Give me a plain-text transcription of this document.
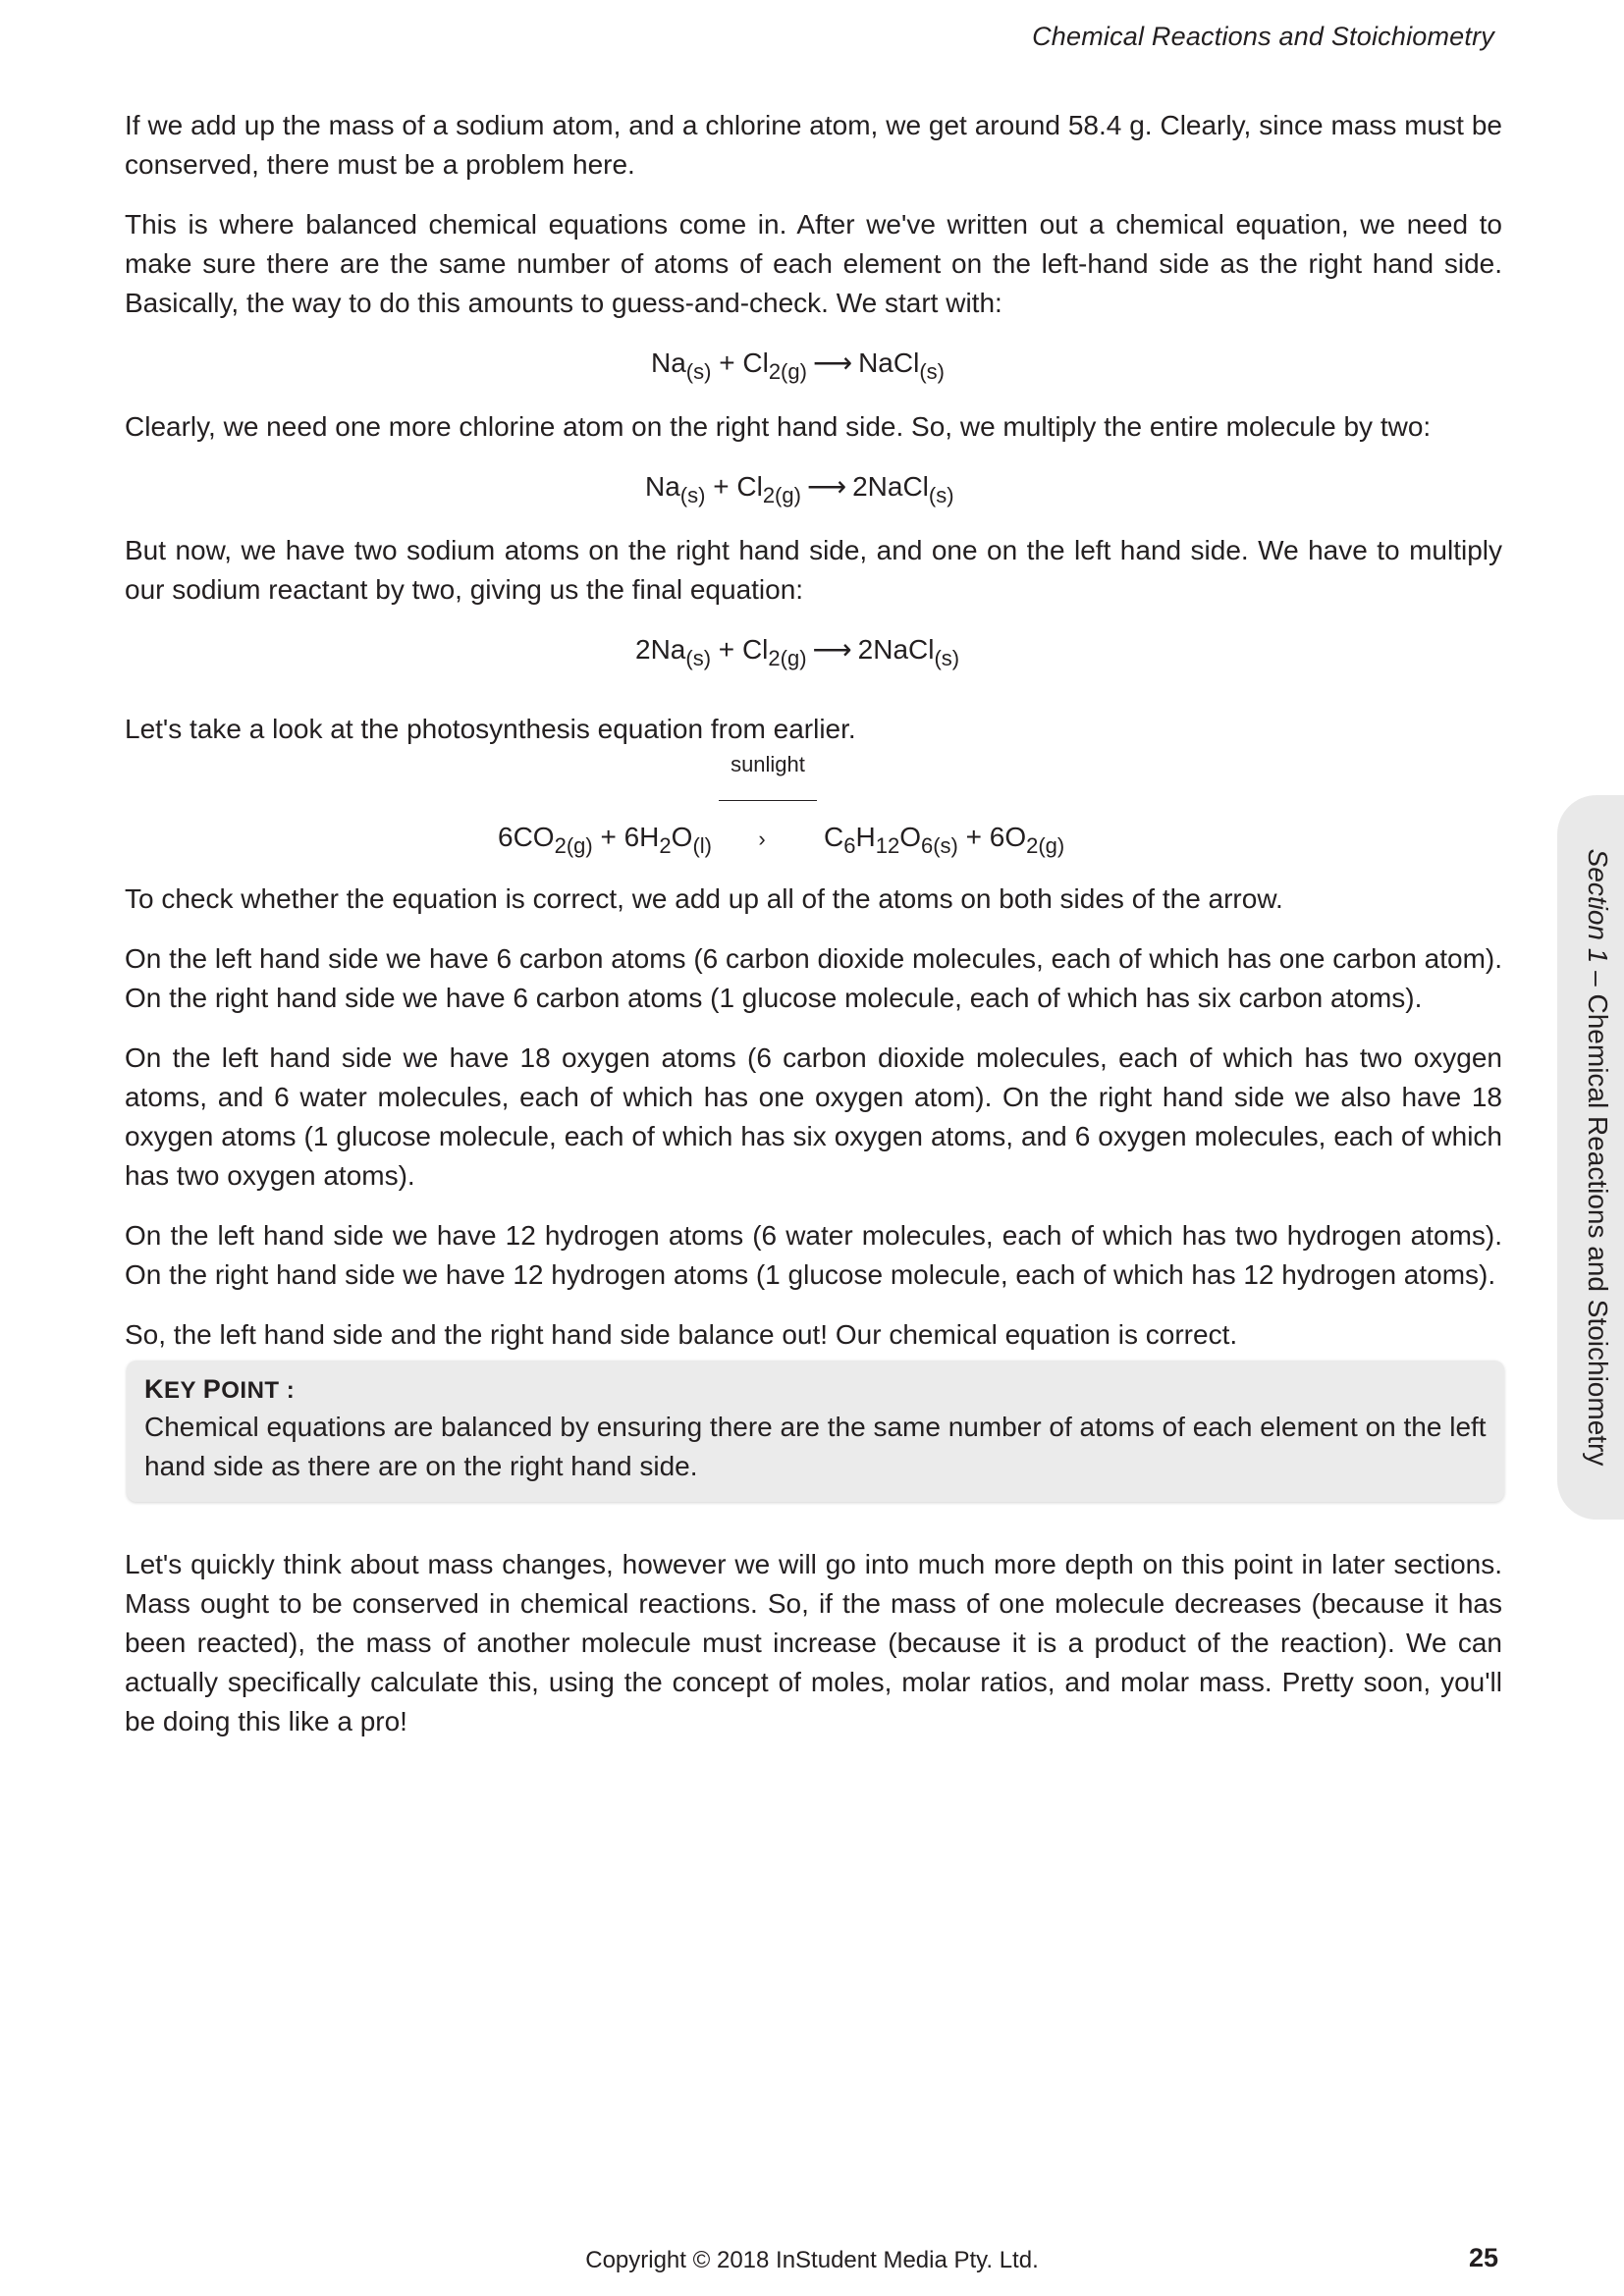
Chemical Reactions and Stoichiometry
Section 1 – Chemical Reactions and Stoichiometry

If we add up the mass of a sodium atom, and a chlorine atom, we get around 58.4 g. Clearly, since mass must be conserved, there must be a problem here.

This is where balanced chemical equations come in. After we've written out a chemical equation, we need to make sure there are the same number of atoms of each element on the left-hand side as the right hand side. Basically, the way to do this amounts to guess-and-check. We start with:

$Na_{(s)} + Cl_{2(g)}$ ⟶ NaCl$_{(s)}$

Clearly, we need one more chlorine atom on the right hand side. So, we multiply the entire molecule by two:

$Na_{(s)} + Cl_{2(g)}$ ⟶ 2NaCl$_{(s)}$

But now, we have two sodium atoms on the right hand side, and one on the left hand side. We have to multiply our sodium reactant by two, giving us the final equation:

$2Na_{(s)} + Cl_{2(g)}$ ⟶ 2NaCl$_{(s)}$

Let's take a look at the photosynthesis equation from earlier.

$6CO_{2(g)} + 6H_2O_{(l)}$
sunlight
› $C_6H_{12}O_{6(s)} + 6O_{2(g)}$

To check whether the equation is correct, we add up all of the atoms on both sides of the arrow.

On the left hand side we have 6 carbon atoms (6 carbon dioxide molecules, each of which has one carbon atom). On the right hand side we have 6 carbon atoms (1 glucose molecule, each of which has six carbon atoms).

On the left hand side we have 18 oxygen atoms (6 carbon dioxide molecules, each of which has two oxygen atoms, and 6 water molecules, each of which has one oxygen atom). On the right hand side we also have 18 oxygen atoms (1 glucose molecule, each of which has six oxygen atoms, and 6 oxygen molecules, each of which has two oxygen atoms).

On the left hand side we have 12 hydrogen atoms (6 water molecules, each of which has two hydrogen atoms). On the right hand side we have 12 hydrogen atoms (1 glucose molecule, each of which has 12 hydrogen atoms).

So, the left hand side and the right hand side balance out! Our chemical equation is correct.

KEY POINT :

Chemical equations are balanced by ensuring there are the same number of atoms of each element on the left hand side as there are on the right hand side.

Let's quickly think about mass changes, however we will go into much more depth on this point in later sections. Mass ought to be conserved in chemical reactions. So, if the mass of one molecule decreases (because it has been reacted), the mass of another molecule must increase (because it is a product of the reaction). We can actually specifically calculate this, using the concept of moles, molar ratios, and molar mass. Pretty soon, you'll be doing this like a pro!

Copyright © 2018 InStudent Media Pty. Ltd.	25
